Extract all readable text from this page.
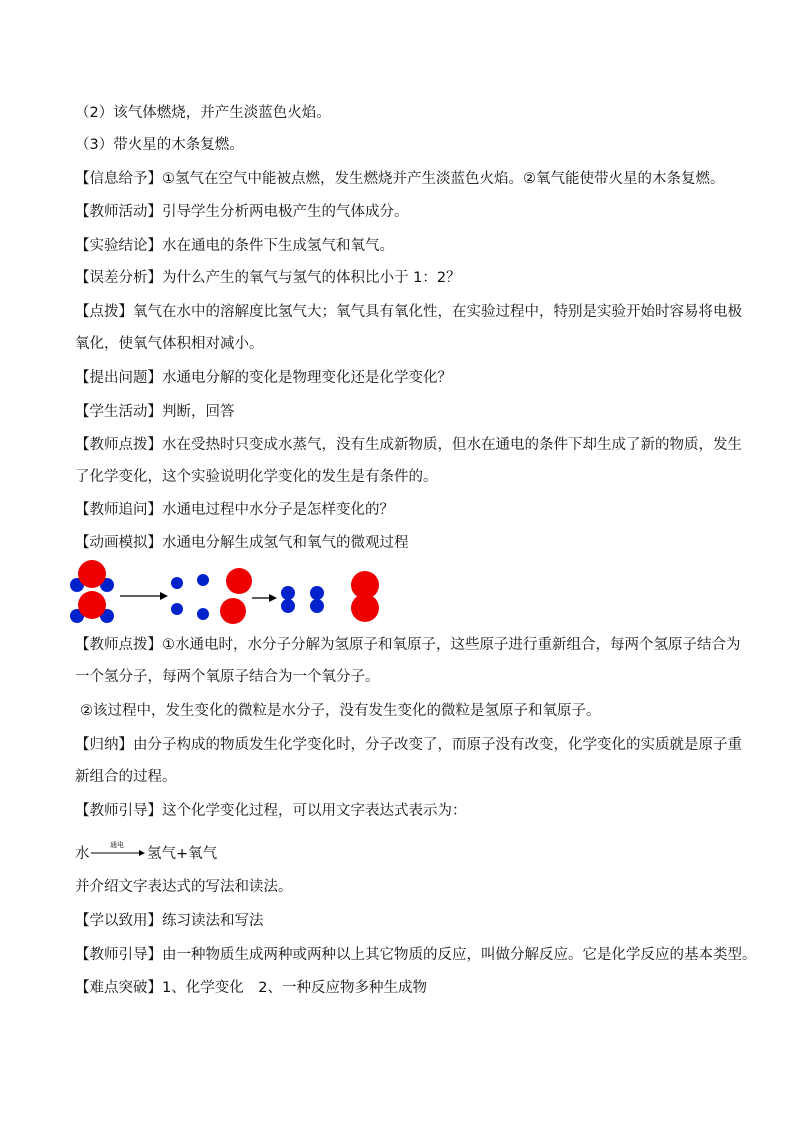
（2）该气体燃烧，并产生淡蓝色火焰。
（3）带火星的木条复燃。
【信息给予】①氢气在空气中能被点燃，发生燃烧并产生淡蓝色火焰。②氧气能使带火星的木条复燃。
【教师活动】引导学生分析两电极产生的气体成分。
【实验结论】水在通电的条件下生成氢气和氧气。
【误差分析】为什么产生的氧气与氢气的体积比小于 1：2？
【点拨】氧气在水中的溶解度比氢气大；氧气具有氧化性，在实验过程中，特别是实验开始时容易将电极
氧化，使氧气体积相对减小。
【提出问题】水通电分解的变化是物理变化还是化学变化？
【学生活动】判断，回答
【教师点拨】水在受热时只变成水蒸气，没有生成新物质，但水在通电的条件下却生成了新的物质，发生
了化学变化，这个实验说明化学变化的发生是有条件的。
【教师追问】水通电过程中水分子是怎样变化的？
【动画模拟】水通电分解生成氢气和氧气的微观过程
【教师点拨】①水通电时，水分子分解为氢原子和氧原子，这些原子进行重新组合，每两个氢原子结合为
一个氢分子，每两个氧原子结合为一个氧分子。
②该过程中，发生变化的微粒是水分子，没有发生变化的微粒是氢原子和氧原子。
【归纳】由分子构成的物质发生化学变化时，分子改变了，而原子没有改变，化学变化的实质就是原子重
新组合的过程。
【教师引导】这个化学变化过程，可以用文字表达式表示为：
水
通电
氢气+氧气
并介绍文字表达式的写法和读法。
【学以致用】练习读法和写法
【教师引导】由一种物质生成两种或两种以上其它物质的反应，叫做分解反应。它是化学反应的基本类型。
【难点突破】1、化学变化　2、一种反应物多种生成物
